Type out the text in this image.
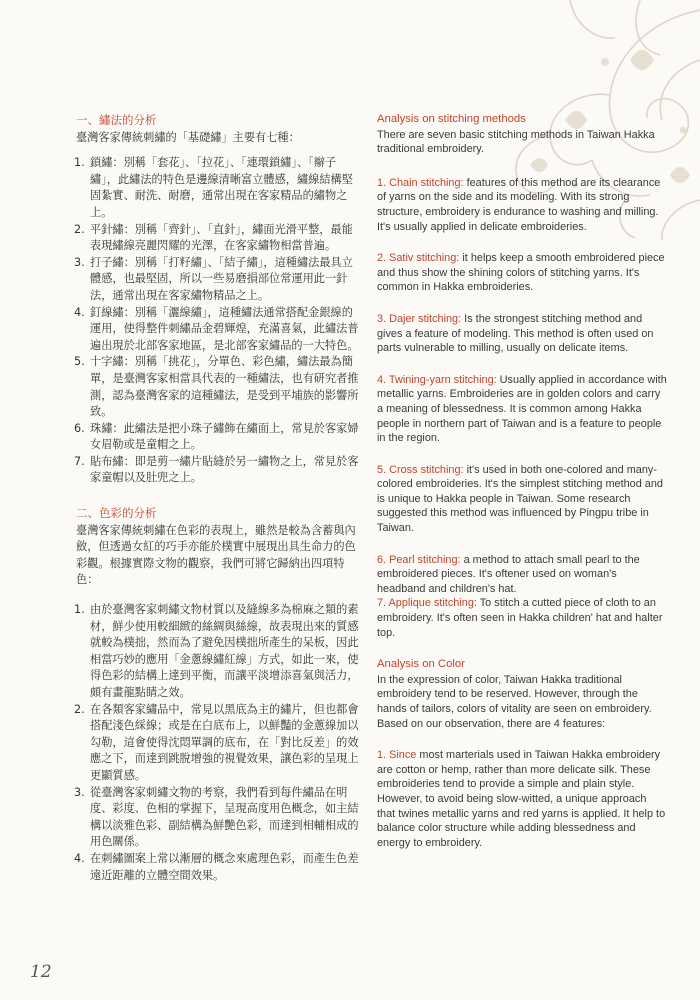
一、繡法的分析

臺灣客家傳統刺繡的「基礎繡」主要有七種：

1. 鎖繡：別稱「套花」、「拉花」、「連環鎖繡」、「辮子繡」，此繡法的特色是邊線清晰富立體感，繡線結構堅固紮實、耐洗、耐磨，通常出現在客家精品的繡物之上。
2. 平針繡：別稱「齊針」、「直針」，繡面光滑平整，最能表現繡線亮麗閃耀的光澤，在客家繡物相當普遍。
3. 打子繡：別稱「打籽繡」、「結子繡」，這種繡法最具立體感，也最堅固，所以一些易磨損部位常運用此一針法，通常出現在客家繡物精品之上。
4. 釘線繡：別稱「灑線繡」，這種繡法通常搭配金銀線的運用，使得整件刺繡品金碧輝煌，充滿喜氣，此繡法普遍出現於北部客家地區，是北部客家繡品的一大特色。
5. 十字繡：別稱「挑花」，分單色、彩色繡，繡法最為簡單，是臺灣客家相當具代表的一種繡法，也有研究者推測，認為臺灣客家的這種繡法，是受到平埔族的影響所致。
6. 珠繡：此繡法是把小珠子繡飾在繡面上，常見於客家婦女眉勒或是童帽之上。
7. 貼布繡：即是剪一繡片貼縫於另一繡物之上，常見於客家童帽以及肚兜之上。
二、色彩的分析

臺灣客家傳統刺繡在色彩的表現上，雖然是較為含蓄與內斂，但透過女紅的巧手亦能於樸實中展現出具生命力的色彩觀。根據實際文物的觀察，我們可將它歸納出四項特色：

1. 由於臺灣客家刺繡文物材質以及縫線多為棉麻之類的素材，鮮少使用較細緻的絲綢與絲線，故表現出來的質感就較為樸拙，然而為了避免因樸拙所產生的呆板，因此相當巧妙的應用「金蔥線繡紅線」方式，如此一來，使得色彩的結構上達到平衡，而讓平淡增添喜氣與活力，頗有畫龍點睛之效。
2. 在各類客家繡品中，常見以黑底為主的繡片，但也都會搭配淺色綵線；或是在白底布上，以鮮豔的金蔥線加以勾勒，這會使得沈悶單調的底布，在「對比反差」的效應之下，而達到跳脫增強的視覺效果，讓色彩的呈現上更顯質感。
3. 從臺灣客家刺繡文物的考察，我們看到每件繡品在明度、彩度、色相的掌握下，呈現高度用色概念，如主結構以淡雅色彩、副結構為鮮艷色彩，而達到相輔相成的用色關係。
4. 在刺繡圖案上常以漸層的概念來處理色彩，而產生色差遠近距離的立體空間效果。
Analysis on stitching methods

There are seven basic stitching methods in Taiwan Hakka traditional embroidery.

1. Chain stitching: features of this method are its clearance of yarns on the side and its modeling. With its strong structure, embroidery is endurance to washing and milling. It's usually applied in delicate embroideries.

2. Sativ stitching: it helps keep a smooth embroidered piece and thus show the shining colors of stitching yarns. It's common in Hakka embroideries.

3. Dajer stitching: Is the strongest stitching method and gives a feature of modeling. This method is often used on parts vulnerable to milling, usually on delicate items.

4. Twining-yarn stitching: Usually applied in accordance with metallic yarns. Embroideries are in golden colors and carry a meaning of blessedness. It is common among Hakka people in northern part of Taiwan and is a feature to people in the region.

5. Cross stitching: it's used in both one-colored and many-colored embroideries. It's the simplest stitching method and is unique to Hakka people in Taiwan. Some research suggested this method was influenced by Pingpu tribe in Taiwan.

6. Pearl stitching: a method to attach small pearl to the embroidered pieces. It's oftener used on woman's headband and children's hat.

7. Applique stitching: To stitch a cutted piece of cloth to an embroidery. It's often seen in Hakka children' hat and halter top.

Analysis on Color

In the expression of color, Taiwan Hakka traditional embroidery tend to be reserved. However, through the hands of tailors, colors of vitality are seen on embroidery. Based on our observation, there are 4 features:

1. Since most marterials used in Taiwan Hakka embroidery are cotton or hemp, rather than more delicate silk. These embroideries tend to provide a simple and plain style. However, to avoid being slow-witted, a unique approach that twines metallic yarns and red yarns is applied. It help to balance color structure while adding blessedness and energy to embroidery.

12
